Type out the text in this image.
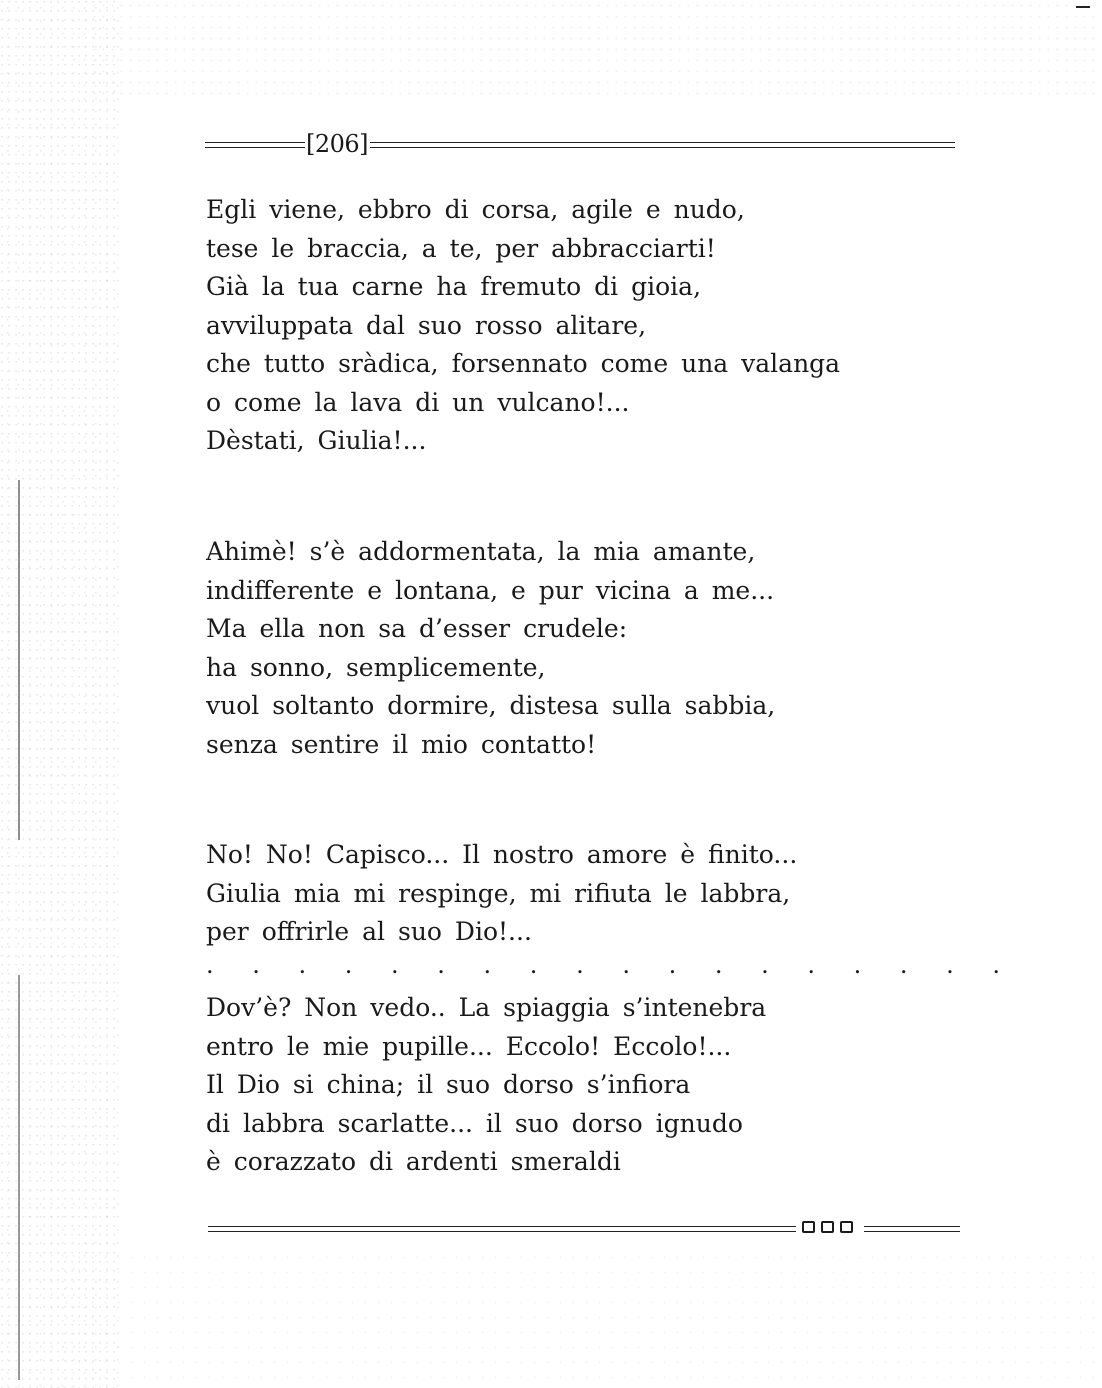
[206]
Egli viene, ebbro di corsa, agile e nudo,
tese le braccia, a te, per abbracciarti!
Già la tua carne ha fremuto di gioia,
avviluppata dal suo rosso alitare,
che tutto sràdica, forsennato come una valanga
o come la lava di un vulcano!...
Dèstati, Giulia!...
Ahimè! s’è addormentata, la mia amante,
indifferente e lontana, e pur vicina a me...
Ma ella non sa d’esser crudele:
ha sonno, semplicemente,
vuol soltanto dormire, distesa sulla sabbia,
senza sentire il mio contatto!
No! No! Capisco... Il nostro amore è finito...
Giulia mia mi respinge, mi rifiuta le labbra,
per offrirle al suo Dio!...
. . . . . . . . . . . . . . . . . .
Dov’è? Non vedo.. La spiaggia s’intenebra
entro le mie pupille... Eccolo! Eccolo!...
Il Dio si china; il suo dorso s’infiora
di labbra scarlatte... il suo dorso ignudo
è corazzato di ardenti smeraldi
